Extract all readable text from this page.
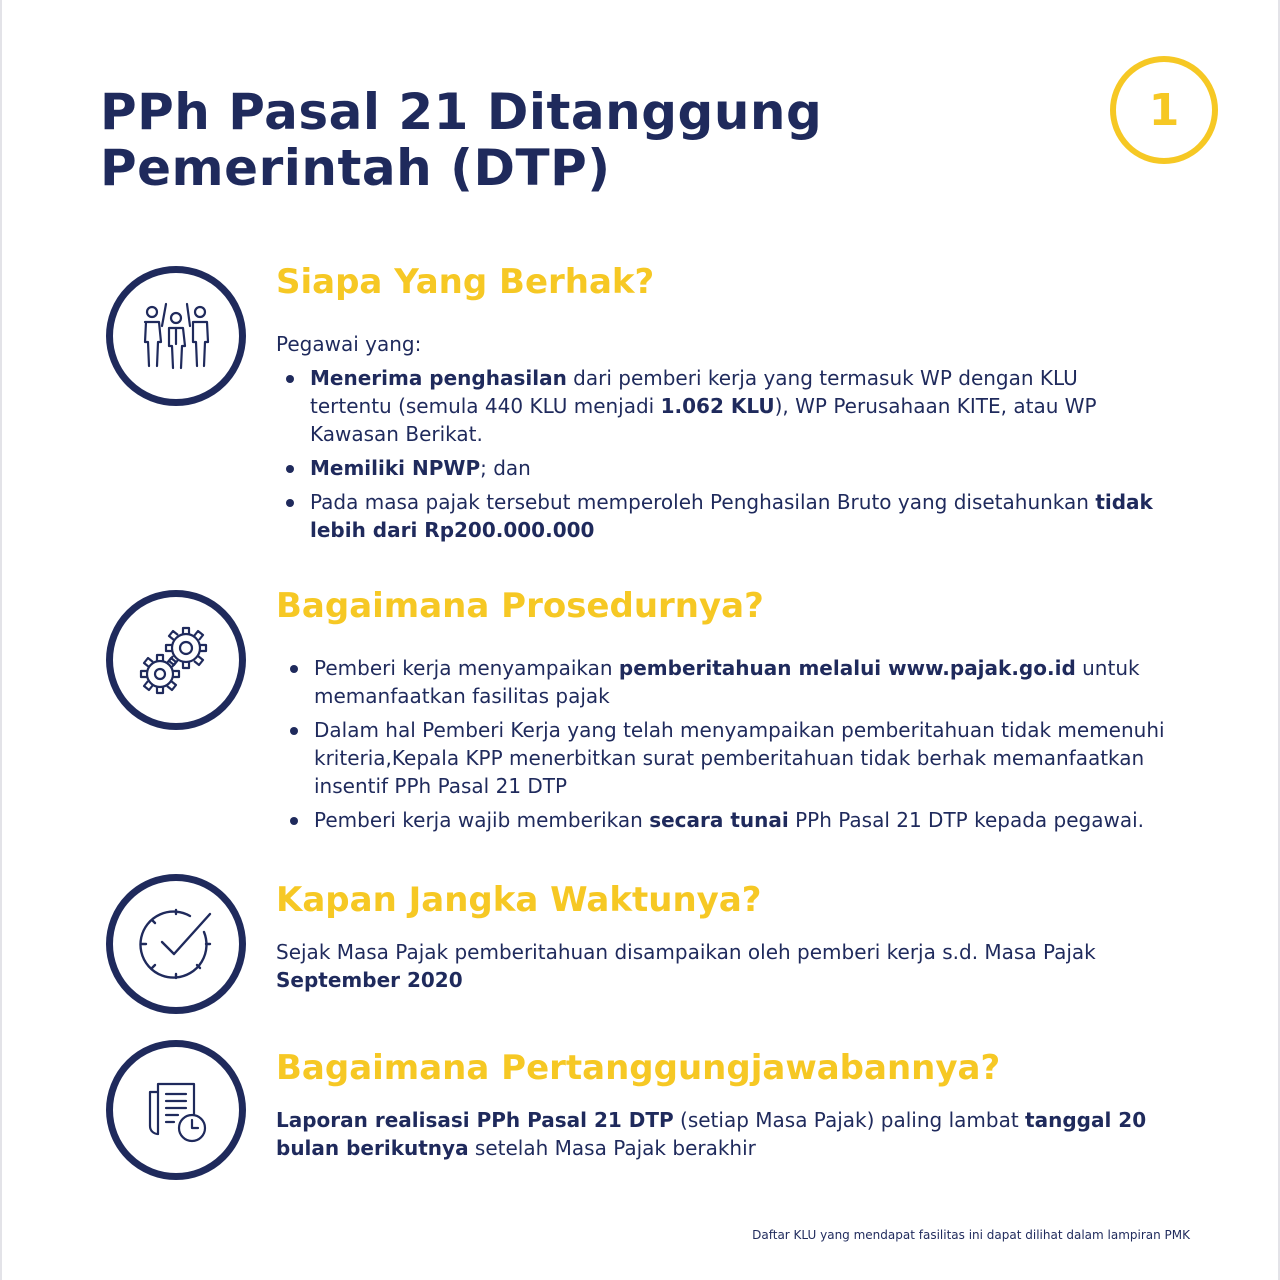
PPh Pasal 21 Ditanggung
Pemerintah (DTP)
1
Siapa Yang Berhak?

Pegawai yang:

Menerima penghasilan dari pemberi kerja yang termasuk WP dengan KLU tertentu (semula 440 KLU menjadi 1.062 KLU), WP Perusahaan KITE, atau WP Kawasan Berikat.
Memiliki NPWP; dan
Pada masa pajak tersebut memperoleh Penghasilan Bruto yang disetahunkan tidak lebih dari Rp200.000.000
Bagaimana Prosedurnya?
Pemberi kerja menyampaikan pemberitahuan melalui www.pajak.go.id untuk memanfaatkan fasilitas pajak
Dalam hal Pemberi Kerja yang telah menyampaikan pemberitahuan tidak memenuhi kriteria,Kepala KPP menerbitkan surat pemberitahuan tidak berhak memanfaatkan insentif PPh Pasal 21 DTP
Pemberi kerja wajib memberikan secara tunai PPh Pasal 21 DTP kepada pegawai.
Kapan Jangka Waktunya?

Sejak Masa Pajak pemberitahuan disampaikan oleh pemberi kerja s.d. Masa Pajak September 2020

Bagaimana Pertanggungjawabannya?

Laporan realisasi PPh Pasal 21 DTP (setiap Masa Pajak) paling lambat tanggal 20 bulan berikutnya setelah Masa Pajak berakhir

Daftar KLU yang mendapat fasilitas ini dapat dilihat dalam lampiran PMK
